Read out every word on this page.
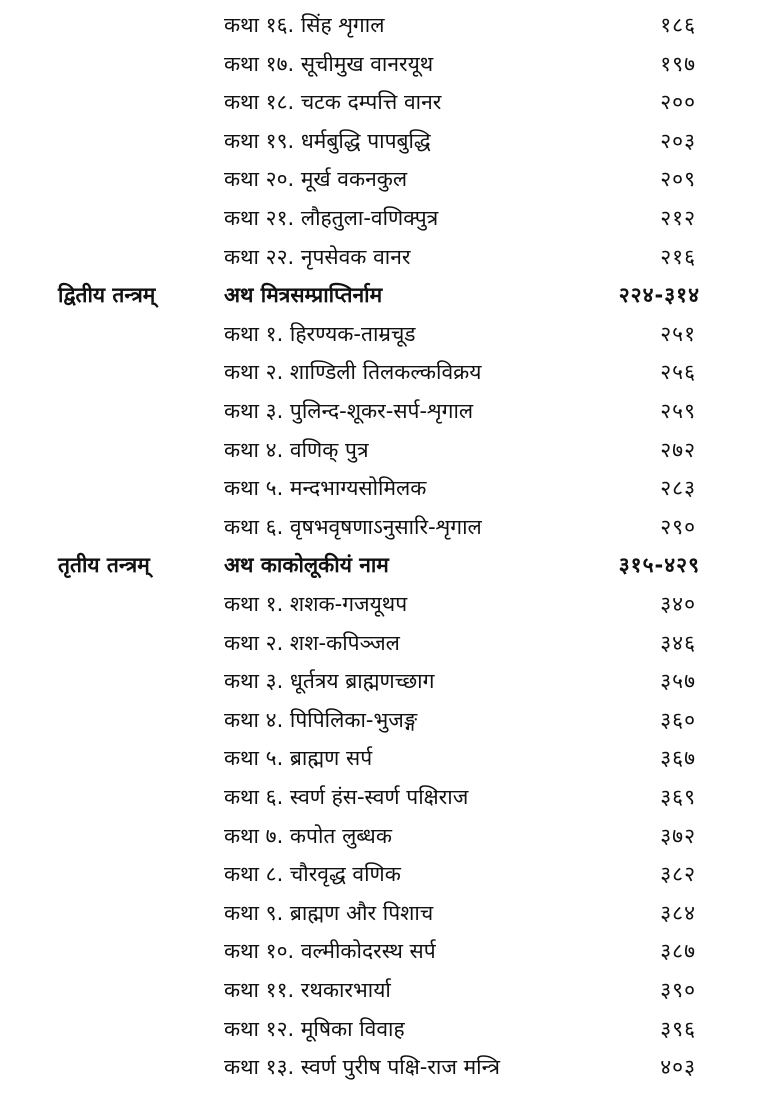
कथा १६. सिंह शृगाल	१८६
कथा १७. सूचीमुख वानरयूथ	१९७
कथा १८. चटक दम्पत्ति वानर	२००
कथा १९. धर्मबुद्धि पापबुद्धि	२०३
कथा २०. मूर्ख वकनकुल	२०९
कथा २१. लौहतुला-वणिक्पुत्र	२१२
कथा २२. नृपसेवक वानर	२१६
द्वितीय तन्त्रम्	अथ मित्रसम्प्राप्तिर्नाम	२२४-३१४
कथा १. हिरण्यक-ताम्रचूड	२५१
कथा २. शाण्डिली तिलकल्कविक्रय	२५६
कथा ३. पुलिन्द-शूकर-सर्प-शृगाल	२५९
कथा ४. वणिक् पुत्र	२७२
कथा ५. मन्दभाग्यसोमिलक	२८३
कथा ६. वृषभवृषणाऽनुसारि-शृगाल	२९०
तृतीय तन्त्रम्	अथ काकोलूकीयं नाम	३१५-४२९
कथा १. शशक-गजयूथप	३४०
कथा २. शश-कपिञ्जल	३४६
कथा ३. धूर्तत्रय ब्राह्मणच्छाग	३५७
कथा ४. पिपिलिका-भुजङ्ग	३६०
कथा ५. ब्राह्मण सर्प	३६७
कथा ६. स्वर्ण हंस-स्वर्ण पक्षिराज	३६९
कथा ७. कपोत लुब्धक	३७२
कथा ८. चौरवृद्ध वणिक	३८२
कथा ९. ब्राह्मण और पिशाच	३८४
कथा १०. वल्मीकोदरस्थ सर्प	३८७
कथा ११. रथकारभार्या	३९०
कथा १२. मूषिका विवाह	३९६
कथा १३. स्वर्ण पुरीष पक्षि-राज मन्त्रि	४०३
